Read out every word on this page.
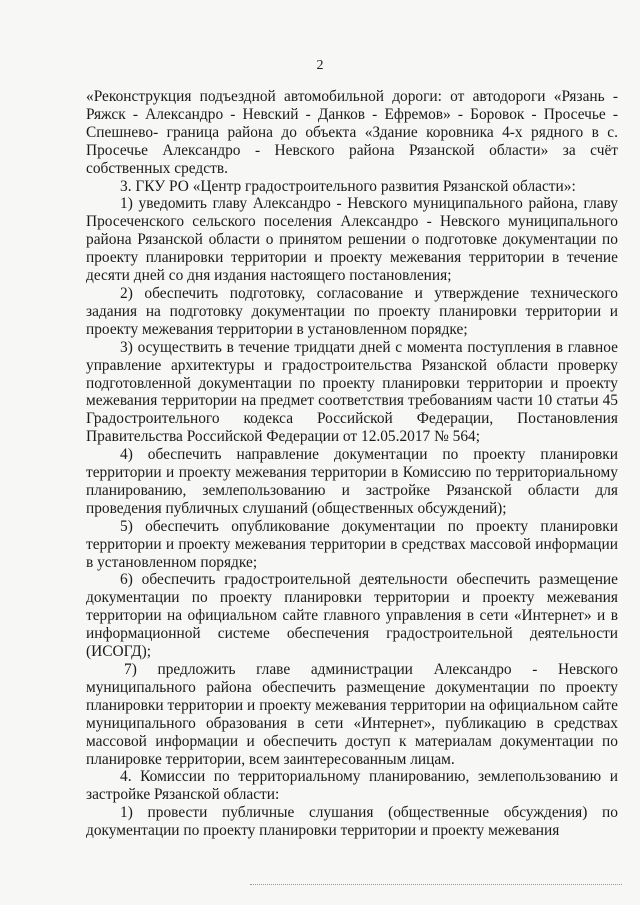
2

«Реконструкция подъездной автомобильной дороги: от автодороги «Рязань - Ряжск - Александро - Невский - Данков - Ефремов» - Боровок - Просечье - Спешнево- граница района до объекта «Здание коровника 4-х рядного в с. Просечье Александро - Невского района Рязанской области» за счёт собственных средств.

3. ГКУ РО «Центр градостроительного развития Рязанской области»:

1) уведомить главу Александро - Невского муниципального района, главу Просеченского сельского поселения Александро - Невского муниципального района Рязанской области о принятом решении о подготовке документации по проекту планировки территории и проекту межевания территории в течение десяти дней со дня издания настоящего постановления;

2) обеспечить подготовку, согласование и утверждение технического задания на подготовку документации по проекту планировки территории и проекту межевания территории в установленном порядке;

3) осуществить в течение тридцати дней с момента поступления в главное управление архитектуры и градостроительства Рязанской области проверку подготовленной документации по проекту планировки территории и проекту межевания территории на предмет соответствия требованиям части 10 статьи 45 Градостроительного кодекса Российской Федерации, Постановления Правительства Российской Федерации от 12.05.2017 № 564;

4) обеспечить направление документации по проекту планировки территории и проекту межевания территории в Комиссию по территориальному планированию, землепользованию и застройке Рязанской области для проведения публичных слушаний (общественных обсуждений);

5) обеспечить опубликование документации по проекту планировки территории и проекту межевания территории в средствах массовой информации в установленном порядке;

6) обеспечить градостроительной деятельности обеспечить размещение документации по проекту планировки территории и проекту межевания территории на официальном сайте главного управления в сети «Интернет» и в информационной системе обеспечения градостроительной деятельности (ИСОГД);

7) предложить главе администрации Александро - Невского муниципального района обеспечить размещение документации по проекту планировки территории и проекту межевания территории на официальном сайте муниципального образования в сети «Интернет», публикацию в средствах массовой информации и обеспечить доступ к материалам документации по планировке территории, всем заинтересованным лицам.

4. Комиссии по территориальному планированию, землепользованию и застройке Рязанской области:

1) провести публичные слушания (общественные обсуждения) по документации по проекту планировки территории и проекту межевания
